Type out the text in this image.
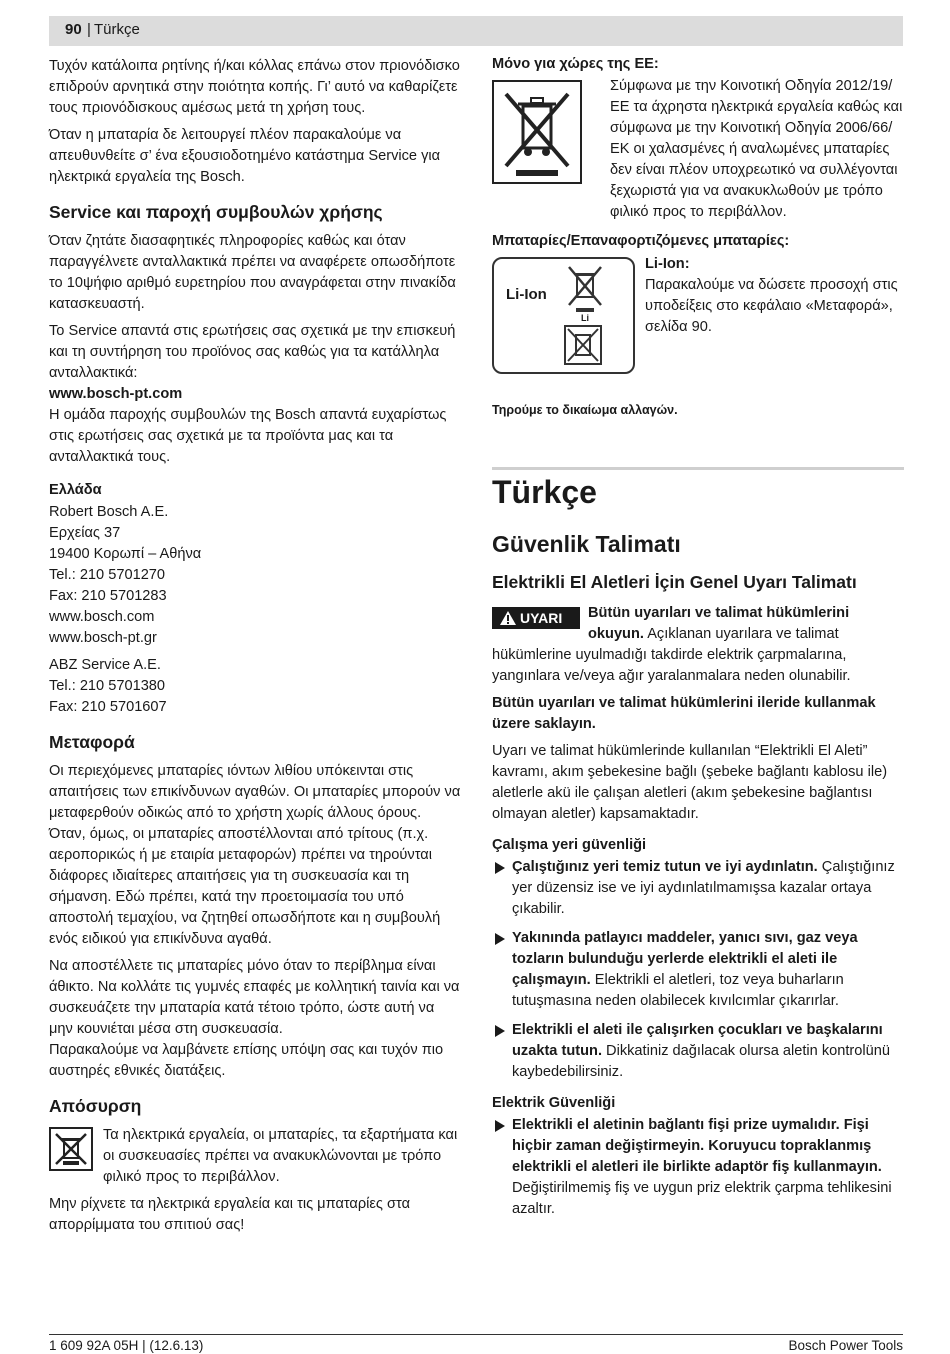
90 | Türkçe

Τυχόν κατάλοιπα ρητίνης ή/και κόλλας επάνω στον πριονόδισκο επιδρούν αρνητικά στην ποιότητα κοπής. Γι’ αυτό να καθαρίζετε τους πριονόδισκους αμέσως μετά τη χρήση τους.

Όταν η μπαταρία δε λειτουργεί πλέον παρακαλούμε να απευθυνθείτε σ’ ένα εξουσιοδοτημένο κατάστημα Service για ηλεκτρικά εργαλεία της Bosch.

Service και παροχή συμβουλών χρήσης

Όταν ζητάτε διασαφητικές πληροφορίες καθώς και όταν παραγγέλνετε ανταλλακτικά πρέπει να αναφέρετε οπωσδήποτε το 10ψήφιο αριθμό ευρετηρίου που αναγράφεται στην πινακίδα κατασκευαστή.

Το Service απαντά στις ερωτήσεις σας σχετικά με την επισκευή και τη συντήρηση του προϊόνος σας καθώς για τα κατάλληλα ανταλλακτικά:

www.bosch-pt.com

Η ομάδα παροχής συμβουλών της Bosch απαντά ευχαρίστως στις ερωτήσεις σας σχετικά με τα προϊόντα μας και τα ανταλλακτικά τους.

Ελλάδα

Robert Bosch A.E.
Ερχείας 37
19400 Κορωπί – Αθήνα
Tel.: 210 5701270
Fax: 210 5701283
www.bosch.com
www.bosch-pt.gr

ABZ Service A.E.
Tel.: 210 5701380
Fax: 210 5701607

Μεταφορά

Οι περιεχόμενες μπαταρίες ιόντων λιθίου υπόκεινται στις απαιτήσεις των επικίνδυνων αγαθών. Οι μπαταρίες μπορούν να μεταφερθούν οδικώς από το χρήστη χωρίς άλλους όρους.

Όταν, όμως, οι μπαταρίες αποστέλλονται από τρίτους (π.χ. αεροπορικώς ή με εταιρία μεταφορών) πρέπει να τηρούνται διάφορες ιδιαίτερες απαιτήσεις για τη συσκευασία και τη σήμανση. Εδώ πρέπει, κατά την προετοιμασία του υπό αποστολή τεμαχίου, να ζητηθεί οπωσδήποτε και η συμβουλή ενός ειδικού για επικίνδυνα αγαθά.

Να αποστέλλετε τις μπαταρίες μόνο όταν το περίβλημα είναι άθικτο. Να κολλάτε τις γυμνές επαφές με κολλητική ταινία και να συσκευάζετε την μπαταρία κατά τέτοιο τρόπο, ώστε αυτή να μην κουνιέται μέσα στη συσκευασία.

Παρακαλούμε να λαμβάνετε επίσης υπόψη σας και τυχόν πιο αυστηρές εθνικές διατάξεις.

Απόσυρση

Τα ηλεκτρικά εργαλεία, οι μπαταρίες, τα εξαρτήματα και οι συσκευασίες πρέπει να ανακυκλώνονται με τρόπο φιλικό προς το περιβάλλον.

Μην ρίχνετε τα ηλεκτρικά εργαλεία και τις μπαταρίες στα απορρίμματα του σπιτιού σας!

Μόνο για χώρες της ΕΕ:

Σύμφωνα με την Κοινοτική Οδηγία 2012/19/ΕΕ τα άχρηστα ηλεκτρικά εργαλεία καθώς και σύμφωνα με την Κοινοτική Οδηγία 2006/66/ΕΚ οι χαλασμένες ή αναλωμένες μπαταρίες δεν είναι πλέον υποχρεωτικό να συλλέγονται ξεχωριστά για να ανακυκλωθούν με τρόπο φιλικό προς το περιβάλλον.

Μπαταρίες/Επαναφορτιζόμενες μπαταρίες:
Li-Ion
Li

Li-Ion:

Παρακαλούμε να δώσετε προσοχή στις υποδείξεις στο κεφάλαιο «Μεταφορά», σελίδα 90.

Τηρούμε το δικαίωμα αλλαγών.

Türkçe
Güvenlik Talimatı
Elektrikli El Aletleri İçin Genel Uyarı Talimatı

UYARI Bütün uyarıları ve talimat hükümlerini okuyun. Açıklanan uyarılara ve talimat hükümlerine uyulmadığı takdirde elektrik çarpmalarına, yangınlara ve/veya ağır yaralanmalara neden olunabilir.

Bütün uyarıları ve talimat hükümlerini ileride kullanmak üzere saklayın.

Uyarı ve talimat hükümlerinde kullanılan “Elektrikli El Aleti” kavramı, akım şebekesine bağlı (şebeke bağlantı kablosu ile) aletlerle akü ile çalışan aletleri (akım şebekesine bağlantısı olmayan aletler) kapsamaktadır.

Çalışma yeri güvenliği
Çalıştığınız yeri temiz tutun ve iyi aydınlatın. Çalıştığınız yer düzensiz ise ve iyi aydınlatılmamışsa kazalar ortaya çıkabilir.
Yakınında patlayıcı maddeler, yanıcı sıvı, gaz veya tozların bulunduğu yerlerde elektrikli el aleti ile çalışmayın. Elektrikli el aletleri, toz veya buharların tutuşmasına neden olabilecek kıvılcımlar çıkarırlar.
Elektrikli el aleti ile çalışırken çocukları ve başkalarını uzakta tutun. Dikkatiniz dağılacak olursa aletin kontrolünü kaybedebilirsiniz.
Elektrik Güvenliği
Elektrikli el aletinin bağlantı fişi prize uymalıdır. Fişi hiçbir zaman değiştirmeyin. Koruyucu topraklanmış elektrikli el aletleri ile birlikte adaptör fiş kullanmayın. Değiştirilmemiş fiş ve uygun priz elektrik çarpma tehlikesini azaltır.
1 609 92A 05H | (12.6.13)	Bosch Power Tools
